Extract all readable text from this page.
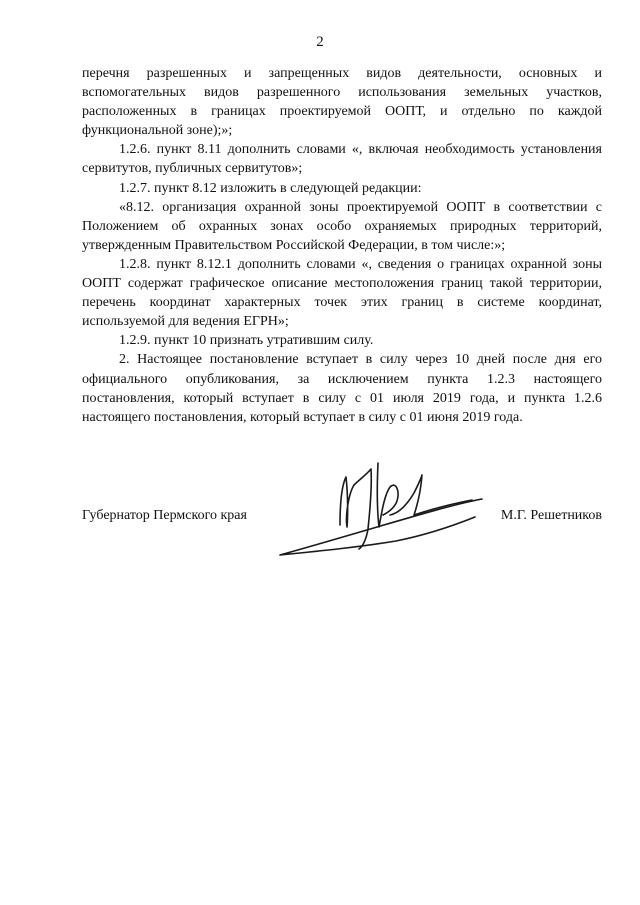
2

перечня разрешенных и запрещенных видов деятельности, основных и вспомогательных видов разрешенного использования земельных участков, расположенных в границах проектируемой ООПТ, и отдельно по каждой функциональной зоне);»;

1.2.6. пункт 8.11 дополнить словами «, включая необходимость установления сервитутов, публичных сервитутов»;

1.2.7. пункт 8.12 изложить в следующей редакции:

«8.12. организация охранной зоны проектируемой ООПТ в соответствии с Положением об охранных зонах особо охраняемых природных территорий, утвержденным Правительством Российской Федерации, в том числе:»;

1.2.8. пункт 8.12.1 дополнить словами «, сведения о границах охранной зоны ООПТ содержат графическое описание местоположения границ такой территории, перечень координат характерных точек этих границ в системе координат, используемой для ведения ЕГРН»;

1.2.9. пункт 10 признать утратившим силу.

2. Настоящее постановление вступает в силу через 10 дней после дня его официального опубликования, за исключением пункта 1.2.3 настоящего постановления, который вступает в силу с 01 июля 2019 года, и пункта 1.2.6 настоящего постановления, который вступает в силу с 01 июня 2019 года.

Губернатор Пермского края	М.Г. Решетников
